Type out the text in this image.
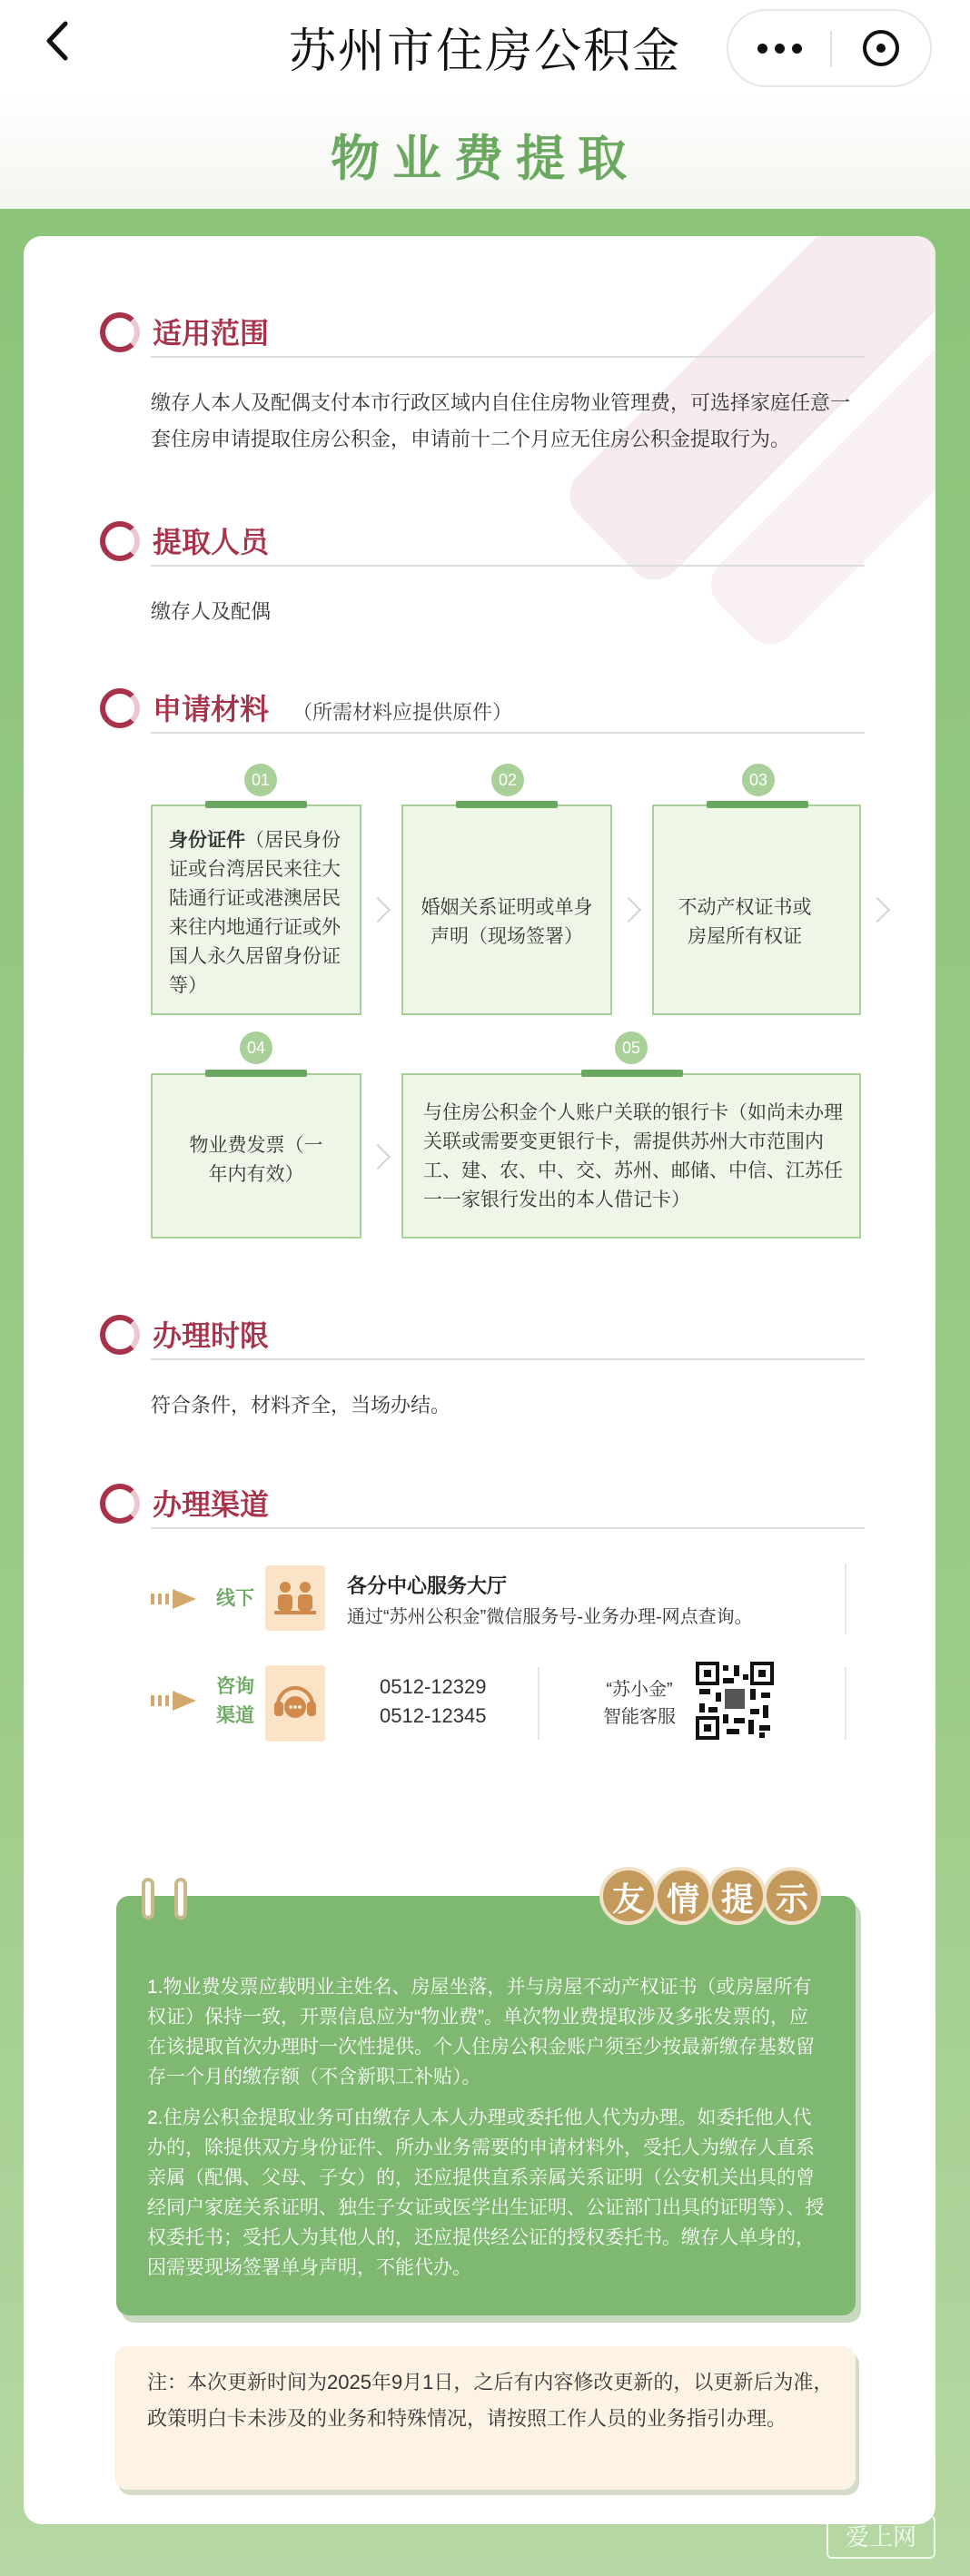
苏州市住房公积金
物业费提取
适用范围
缴存人本人及配偶支付本市行政区域内自住住房物业管理费，可选择家庭任意一套住房申请提取住房公积金，申请前十二个月应无住房公积金提取行为。
提取人员
缴存人及配偶
申请材料 （所需材料应提供原件）
01
身份证件（居民身份证或台湾居民来往大陆通行证或港澳居民来往内地通行证或外国人永久居留身份证等）
02
婚姻关系证明或单身声明（现场签署）
03
不动产权证书或房屋所有权证
04
物业费发票（一年内有效）
05
与住房公积金个人账户关联的银行卡（如尚未办理关联或需要变更银行卡，需提供苏州大市范围内工、建、农、中、交、苏州、邮储、中信、江苏任一一家银行发出的本人借记卡）
办理时限
符合条件，材料齐全，当场办结。
办理渠道
线下
各分中心服务大厅
通过“苏州公积金”微信服务号-业务办理-网点查询。
咨询渠道
0512-12329
0512-12345
“苏小金”
智能客服
友 情 提 示
1.物业费发票应载明业主姓名、房屋坐落，并与房屋不动产权证书（或房屋所有权证）保持一致，开票信息应为“物业费”。单次物业费提取涉及多张发票的，应在该提取首次办理时一次性提供。个人住房公积金账户须至少按最新缴存基数留存一个月的缴存额（不含新职工补贴）。
2.住房公积金提取业务可由缴存人本人办理或委托他人代为办理。如委托他人代办的，除提供双方身份证件、所办业务需要的申请材料外，受托人为缴存人直系亲属（配偶、父母、子女）的，还应提供直系亲属关系证明（公安机关出具的曾经同户家庭关系证明、独生子女证或医学出生证明、公证部门出具的证明等）、授权委托书；受托人为其他人的，还应提供经公证的授权委托书。缴存人单身的，因需要现场签署单身声明，不能代办。
注：本次更新时间为2025年9月1日，之后有内容修改更新的，以更新后为准，政策明白卡未涉及的业务和特殊情况，请按照工作人员的业务指引办理。
爱上网
